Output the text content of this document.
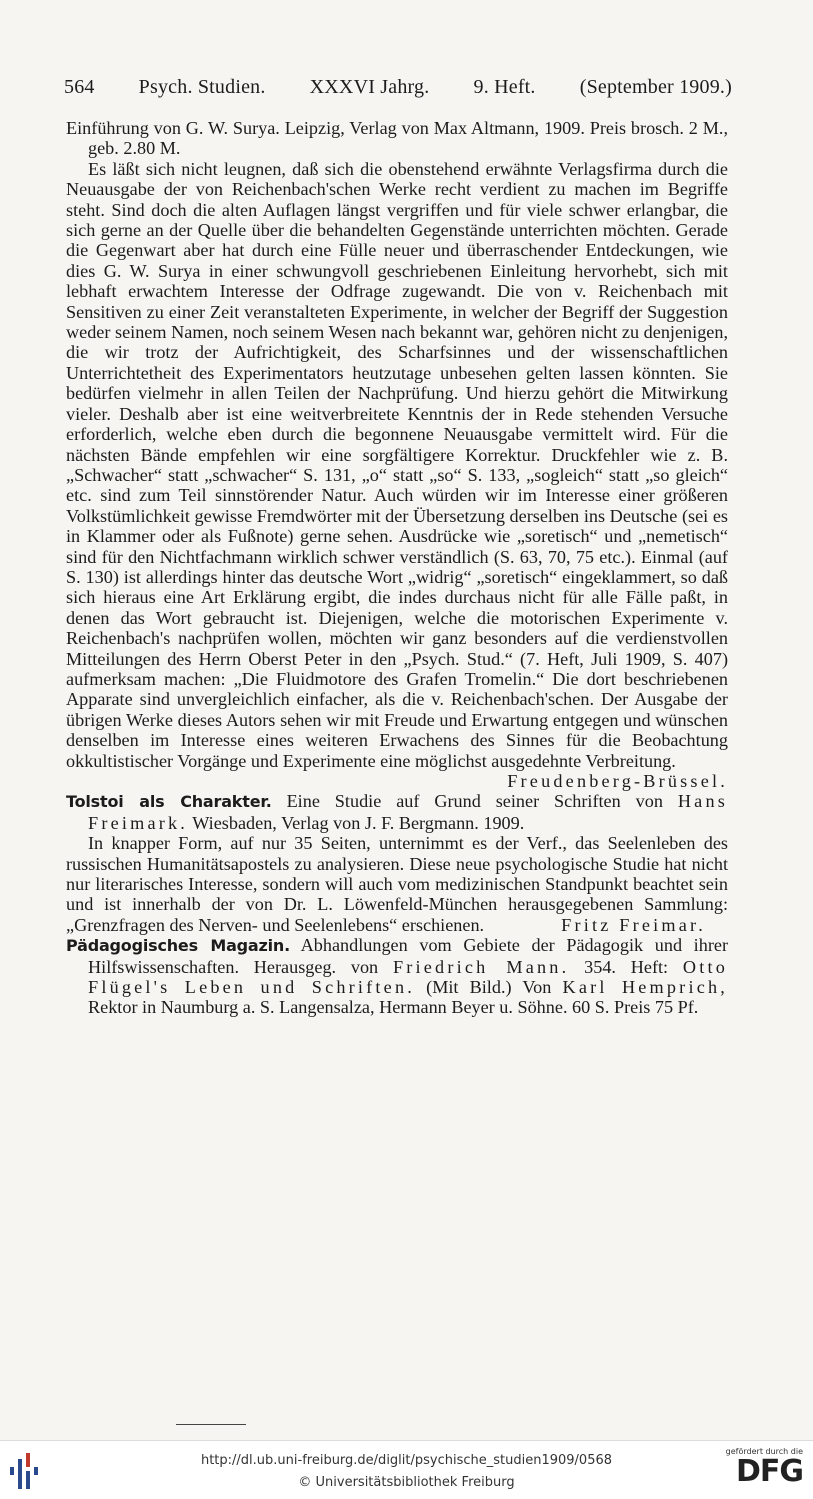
564 Psych. Studien. XXXVI Jahrg. 9. Heft. (September 1909.)

Einführung von G. W. Surya. Leipzig, Verlag von Max Altmann, 1909. Preis brosch. 2 M., geb. 2.80 M.

Es läßt sich nicht leugnen, daß sich die obenstehend erwähnte Verlagsfirma durch die Neuausgabe der von Reichenbach'schen Werke recht verdient zu machen im Begriffe steht. Sind doch die alten Auflagen längst vergriffen und für viele schwer erlangbar, die sich gerne an der Quelle über die behandelten Gegenstände unterrichten möchten. Gerade die Gegenwart aber hat durch eine Fülle neuer und überraschender Entdeckungen, wie dies G. W. Surya in einer schwungvoll geschriebenen Einleitung hervorhebt, sich mit lebhaft erwachtem Interesse der Odfrage zugewandt. Die von v. Reichenbach mit Sensitiven zu einer Zeit veranstalteten Experimente, in welcher der Begriff der Suggestion weder seinem Namen, noch seinem Wesen nach bekannt war, gehören nicht zu denjenigen, die wir trotz der Aufrichtigkeit, des Scharfsinnes und der wissenschaftlichen Unterrichtetheit des Experimentators heutzutage unbesehen gelten lassen könnten. Sie bedürfen vielmehr in allen Teilen der Nachprüfung. Und hierzu gehört die Mitwirkung vieler. Deshalb aber ist eine weitverbreitete Kenntnis der in Rede stehenden Versuche erforderlich, welche eben durch die begonnene Neuausgabe vermittelt wird. Für die nächsten Bände empfehlen wir eine sorgfältigere Korrektur. Druckfehler wie z. B. „Schwacher“ statt „schwacher“ S. 131, „o“ statt „so“ S. 133, „sogleich“ statt „so gleich“ etc. sind zum Teil sinnstörender Natur. Auch würden wir im Interesse einer größeren Volkstümlichkeit gewisse Fremdwörter mit der Übersetzung derselben ins Deutsche (sei es in Klammer oder als Fußnote) gerne sehen. Ausdrücke wie „soretisch“ und „nemetisch“ sind für den Nichtfachmann wirklich schwer verständlich (S. 63, 70, 75 etc.). Einmal (auf S. 130) ist allerdings hinter das deutsche Wort „widrig“ „soretisch“ eingeklammert, so daß sich hieraus eine Art Erklärung ergibt, die indes durchaus nicht für alle Fälle paßt, in denen das Wort gebraucht ist. Diejenigen, welche die motorischen Experimente v. Reichenbach's nachprüfen wollen, möchten wir ganz besonders auf die verdienstvollen Mitteilungen des Herrn Oberst Peter in den „Psych. Stud.“ (7. Heft, Juli 1909, S. 407) aufmerksam machen: „Die Fluidmotore des Grafen Tromelin.“ Die dort beschriebenen Apparate sind unvergleichlich einfacher, als die v. Reichenbach'schen. Der Ausgabe der übrigen Werke dieses Autors sehen wir mit Freude und Erwartung entgegen und wünschen denselben im Interesse eines weiteren Erwachens des Sinnes für die Beobachtung okkultistischer Vorgänge und Experimente eine möglichst ausgedehnte Verbreitung.
Freudenberg-Brüssel.

Tolstoi als Charakter. Eine Studie auf Grund seiner Schriften von Hans Freimark. Wiesbaden, Verlag von J. F. Bergmann. 1909.

In knapper Form, auf nur 35 Seiten, unternimmt es der Verf., das Seelenleben des russischen Humanitätsapostels zu analysieren. Diese neue psychologische Studie hat nicht nur literarisches Interesse, sondern will auch vom medizinischen Standpunkt beachtet sein und ist innerhalb der von Dr. L. Löwenfeld-München herausgegebenen Sammlung: „Grenzfragen des Nerven- und Seelenlebens“ erschienen.	Fritz Freimar.

Pädagogisches Magazin. Abhandlungen vom Gebiete der Pädagogik und ihrer Hilfswissenschaften. Herausgeg. von Friedrich Mann. 354. Heft: Otto Flügel's Leben und Schriften. (Mit Bild.) Von Karl Hemprich, Rektor in Naumburg a. S. Langensalza, Hermann Beyer u. Söhne. 60 S. Preis 75 Pf.

http://dl.ub.uni-freiburg.de/diglit/psychische_studien1909/0568
© Universitätsbibliothek Freiburg
gefördert durch die
DFG
